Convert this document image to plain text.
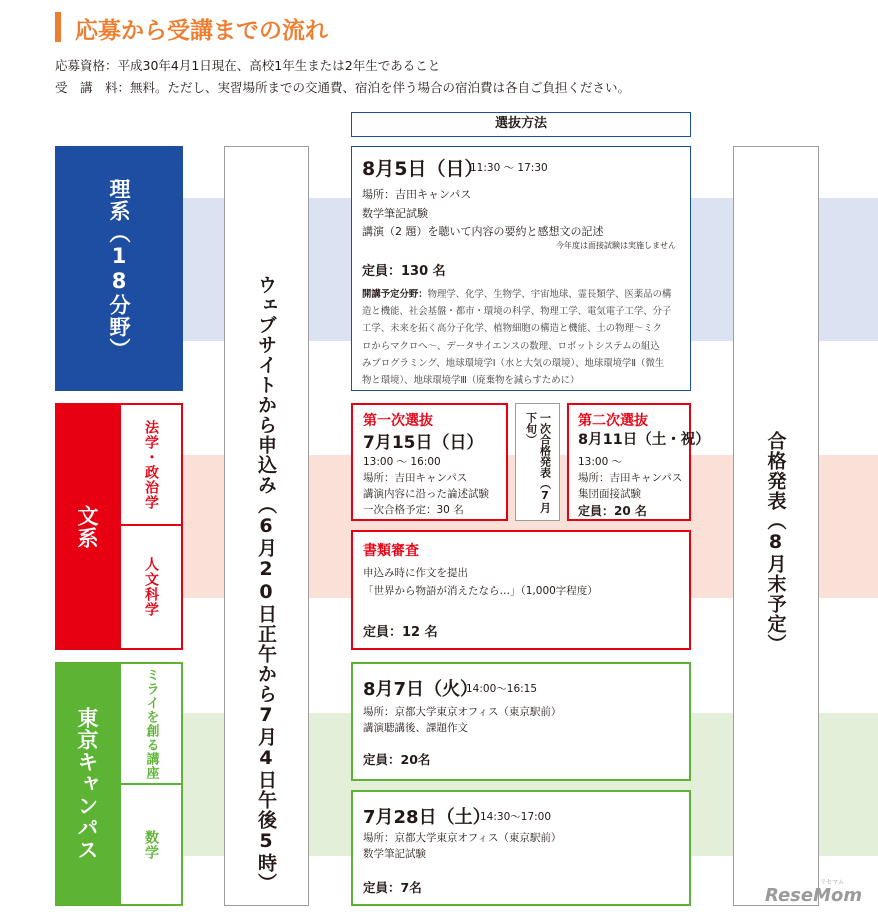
応募から受講までの流れ
応募資格：平成30年4月1日現在、高校1年生または2年生であること
受　講　料：無料。ただし、実習場所までの交通費、宿泊を伴う場合の宿泊費は各自ご負担ください。
選抜方法
理系（18分野）
文系
法学・政治学
人文科学
東京キャンパス	ミライを創る講座
数学	ウェブサイトから申込み（6月20日正午から7月4日午後5時）	合格発表（8月末予定）
8月5日（日）
11:30 ～ 17:30
場所：吉田キャンパス
数学筆記試験
講演（2 題）を聴いて内容の要約と感想文の記述
今年度は面接試験は実施しません
定員：130 名
開講予定分野：物理学、化学、生物学、宇宙地球、霊長類学、医薬品の構
造と機能、社会基盤・都市・環境の科学、物理工学、電気電子工学、分子
工学、未来を拓く高分子化学、植物細胞の構造と機能、土の物理～ミク
ロからマクロへ～、データサイエンスの数理、ロボットシステムの組込
みプログラミング、地球環境学Ⅰ（水と大気の環境）、地球環境学Ⅱ（微生
物と環境）、地球環境学Ⅲ（廃棄物を減らすために）
第一次選抜
7月15日（日）
13:00 ～ 16:00
場所：吉田キャンパス
講演内容に沿った論述試験
一次合格予定：30 名	一次合格発表（7月下旬）	第二次選抜
8月11日（土・祝）
13:00 ～
場所：吉田キャンパス
集団面接試験
定員：20 名
書類審査
申込み時に作文を提出
「世界から物語が消えたなら…」（1,000字程度）
定員：12 名
8月7日（火）
14:00～16:15
場所：京都大学東京オフィス（東京駅前）
講演聴講後、課題作文
定員：20名
7月28日（土）
14:30～17:00
場所：京都大学東京オフィス（東京駅前）
数学筆記試験
定員：7名	ReseMom
リセマム
